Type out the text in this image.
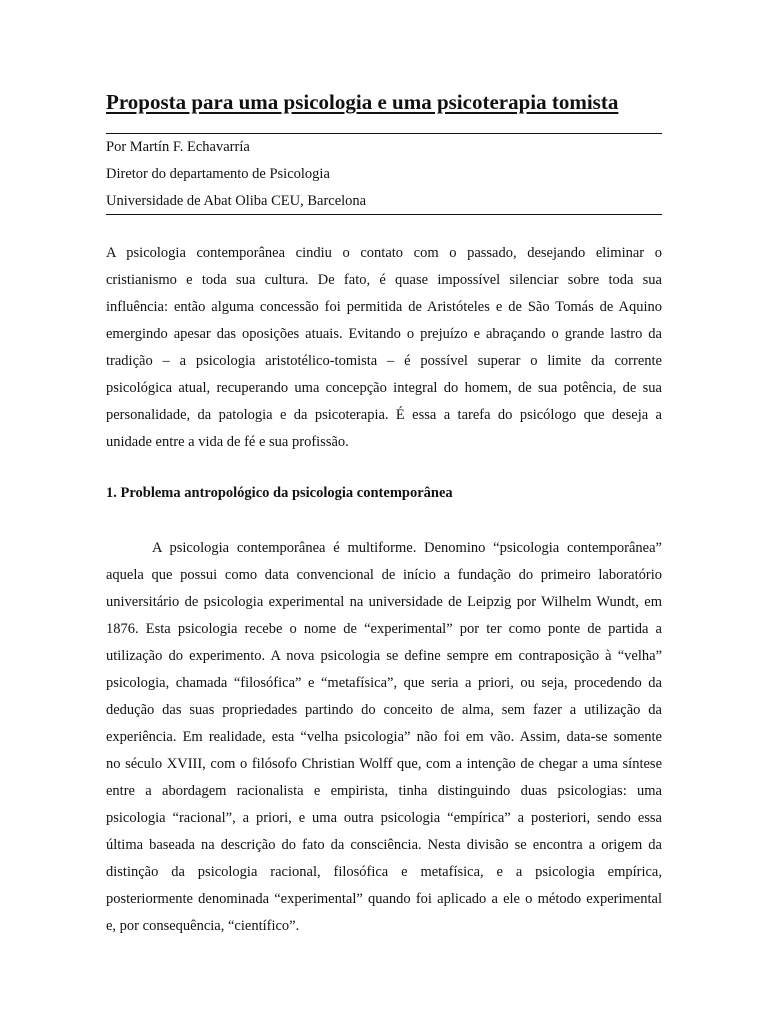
Proposta para uma psicologia e uma psicoterapia tomista
Por Martín F. Echavarría
Diretor do departamento de Psicologia
Universidade de Abat Oliba CEU, Barcelona
A psicologia contemporânea cindiu o contato com o passado, desejando eliminar o
cristianismo e toda sua cultura. De fato, é quase impossível silenciar sobre toda sua
influência: então alguma concessão foi permitida de Aristóteles e de São Tomás de Aquino
emergindo apesar das oposições atuais. Evitando o prejuízo e abraçando o grande lastro da
tradição – a psicologia aristotélico-tomista – é possível superar o limite da corrente
psicológica atual, recuperando uma concepção integral do homem, de sua potência, de sua
personalidade, da patologia e da psicoterapia. É essa a tarefa do psicólogo que deseja a
unidade entre a vida de fé e sua profissão.
1. Problema antropológico da psicologia contemporânea
A psicologia contemporânea é multiforme. Denomino “psicologia contemporânea”
aquela que possui como data convencional de início a fundação do primeiro laboratório
universitário de psicologia experimental na universidade de Leipzig por Wilhelm Wundt, em
1876. Esta psicologia recebe o nome de “experimental” por ter como ponte de partida a
utilização do experimento. A nova psicologia se define sempre em contraposição à “velha”
psicologia, chamada “filosófica” e “metafísica”, que seria a priori, ou seja, procedendo da
dedução das suas propriedades partindo do conceito de alma, sem fazer a utilização da
experiência. Em realidade, esta “velha psicologia” não foi em vão. Assim, data-se somente
no século XVIII, com o filósofo Christian Wolff que, com a intenção de chegar a uma síntese
entre a abordagem racionalista e empirista, tinha distinguindo duas psicologias: uma
psicologia “racional”, a priori, e uma outra psicologia “empírica” a posteriori, sendo essa
última baseada na descrição do fato da consciência. Nesta divisão se encontra a origem da
distinção da psicologia racional, filosófica e metafísica, e a psicologia empírica,
posteriormente denominada “experimental” quando foi aplicado a ele o método experimental
e, por consequência, “científico”.
